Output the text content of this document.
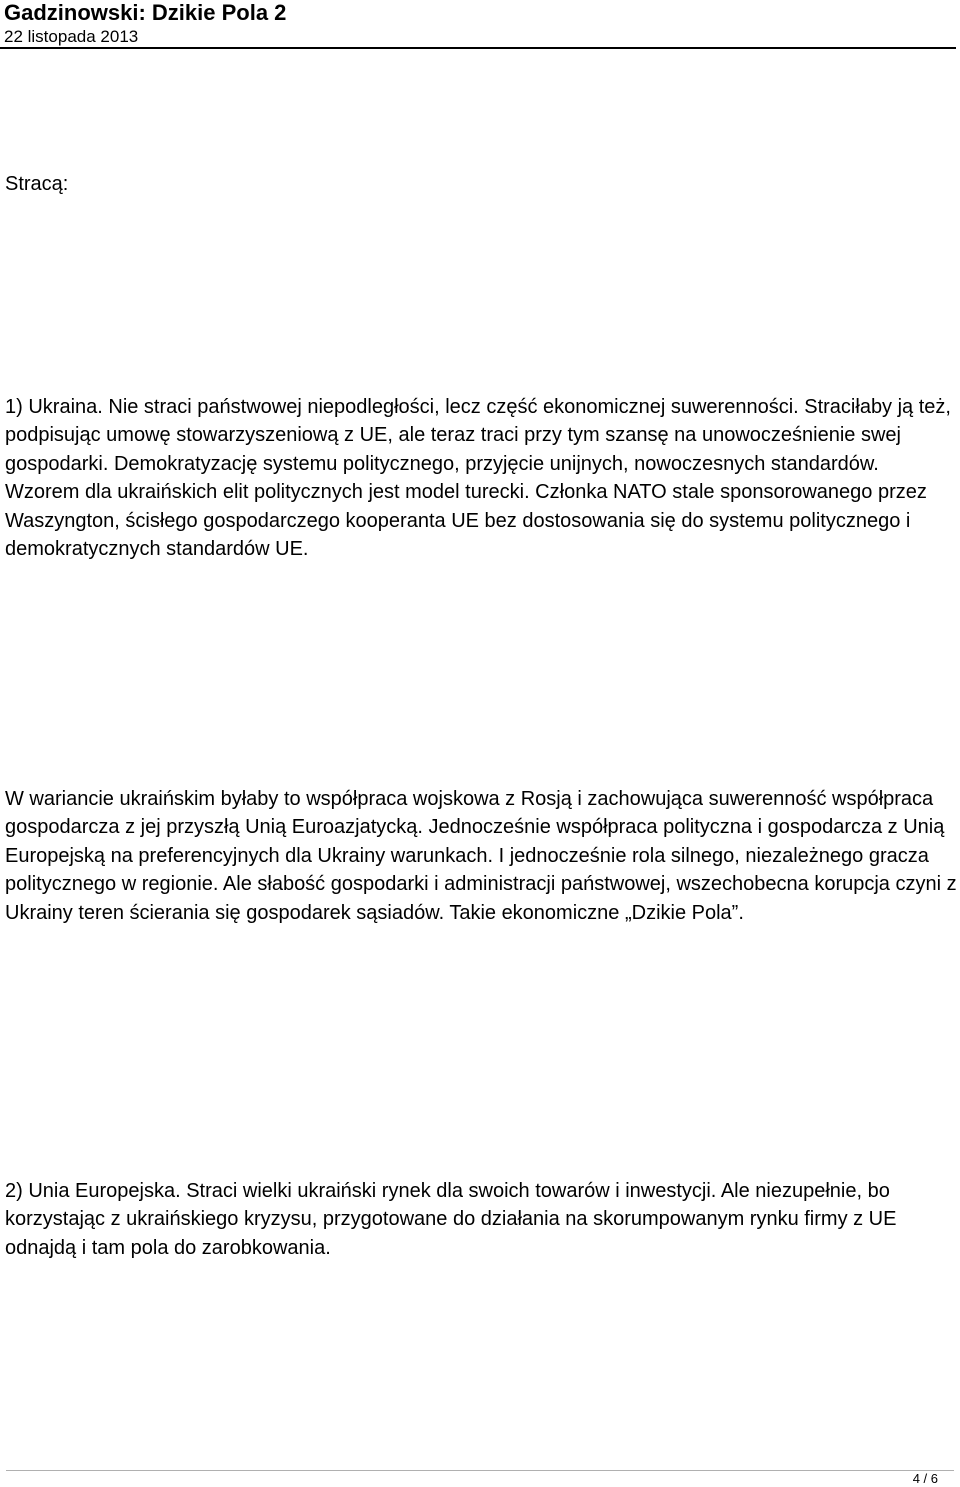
Gadzinowski: Dzikie Pola 2

22 listopada 2013

Stracą:

1) Ukraina. Nie straci państwowej niepodległości, lecz część ekonomicznej suwerenności. Straciłaby ją też, podpisując umowę stowarzyszeniową z UE, ale teraz traci przy tym szansę na unowocześnienie swej gospodarki. Demokratyzację systemu politycznego, przyjęcie unijnych, nowoczesnych standardów. Wzorem dla ukraińskich elit politycznych jest model turecki. Członka NATO stale sponsorowanego przez Waszyngton, ścisłego gospodarczego kooperanta UE bez dostosowania się do systemu politycznego i demokratycznych standardów UE.

W wariancie ukraińskim byłaby to współpraca wojskowa z Rosją i zachowująca suwerenność współpraca gospodarcza z jej przyszłą Unią Euroazjatycką. Jednocześnie współpraca polityczna i gospodarcza z Unią Europejską na preferencyjnych dla Ukrainy warunkach. I jednocześnie rola silnego, niezależnego gracza politycznego w regionie. Ale słabość gospodarki i administracji państwowej, wszechobecna korupcja czyni z Ukrainy teren ścierania się gospodarek sąsiadów. Takie ekonomiczne „Dzikie Pola”.

2) Unia Europejska. Straci wielki ukraiński rynek dla swoich towarów i inwestycji. Ale niezupełnie, bo korzystając z ukraińskiego kryzysu, przygotowane do działania na skorumpowanym rynku firmy z UE odnajdą i tam pola do zarobkowania.

4 / 6
